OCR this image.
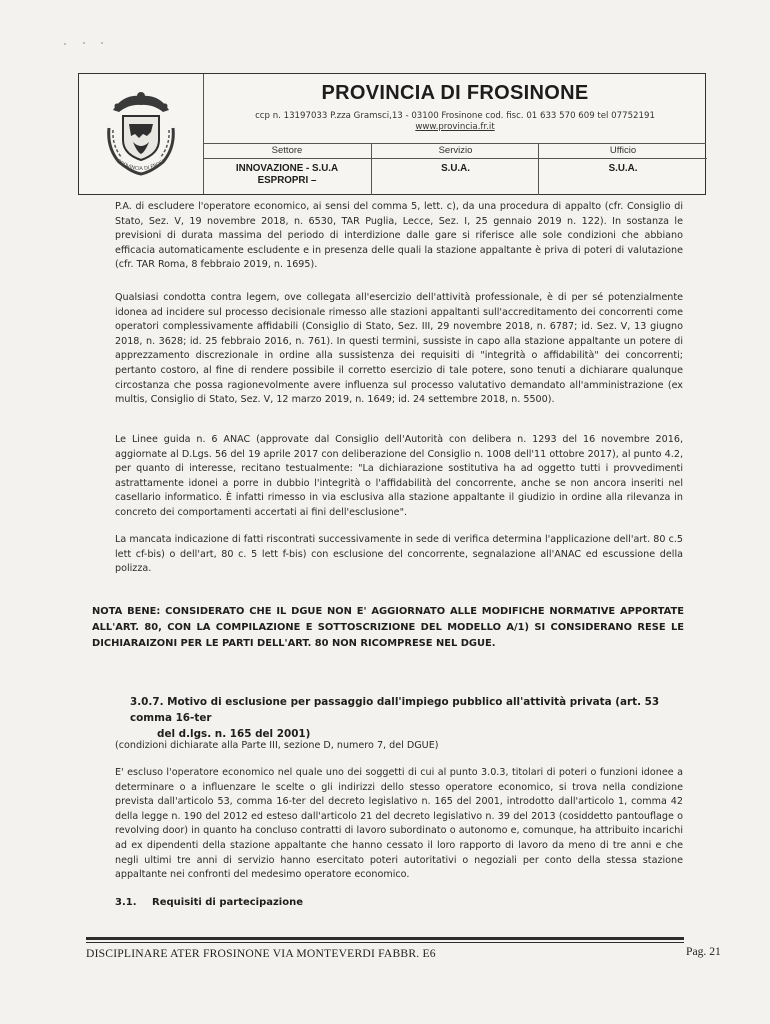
PROVINCIA DI FROSI
PROVINCIA DI FROSINONE
ccp n. 13197033 P.zza Gramsci,13 - 03100 Frosinone cod. fisc. 01 633 570 609 tel 07752191
www.provincia.fr.it
Settore
INNOVAZIONE - S.U.A
ESPROPRI –
Servizio
S.U.A.
Ufficio
S.U.A.

P.A. di escludere l'operatore economico, ai sensi del comma 5, lett. c), da una procedura di appalto (cfr. Consiglio di Stato, Sez. V, 19 novembre 2018, n. 6530, TAR Puglia, Lecce, Sez. I, 25 gennaio 2019 n. 122). In sostanza le previsioni di durata massima del periodo di interdizione dalle gare si riferisce alle sole condizioni che abbiano efficacia automaticamente escludente e in presenza delle quali la stazione appaltante è priva di poteri di valutazione (cfr. TAR Roma, 8 febbraio 2019, n. 1695).

Qualsiasi condotta contra legem, ove collegata all'esercizio dell'attività professionale, è di per sé potenzialmente idonea ad incidere sul processo decisionale rimesso alle stazioni appaltanti sull'accreditamento dei concorrenti come operatori complessivamente affidabili (Consiglio di Stato, Sez. III, 29 novembre 2018, n. 6787; id. Sez. V, 13 giugno 2018, n. 3628; id. 25 febbraio 2016, n. 761). In questi termini, sussiste in capo alla stazione appaltante un potere di apprezzamento discrezionale in ordine alla sussistenza dei requisiti di "integrità o affidabilità" dei concorrenti; pertanto costoro, al fine di rendere possibile il corretto esercizio di tale potere, sono tenuti a dichiarare qualunque circostanza che possa ragionevolmente avere influenza sul processo valutativo demandato all'amministrazione (ex multis, Consiglio di Stato, Sez. V, 12 marzo 2019, n. 1649; id. 24 settembre 2018, n. 5500).

Le Linee guida n. 6 ANAC (approvate dal Consiglio dell'Autorità con delibera n. 1293 del 16 novembre 2016, aggiornate al D.Lgs. 56 del 19 aprile 2017 con deliberazione del Consiglio n. 1008 dell'11 ottobre 2017), al punto 4.2, per quanto di interesse, recitano testualmente: "La dichiarazione sostitutiva ha ad oggetto tutti i provvedimenti astrattamente idonei a porre in dubbio l'integrità o l'affidabilità del concorrente, anche se non ancora inseriti nel casellario informatico. È infatti rimesso in via esclusiva alla stazione appaltante il giudizio in ordine alla rilevanza in concreto dei comportamenti accertati ai fini dell'esclusione".

La mancata indicazione di fatti riscontrati successivamente in sede di verifica determina l'applicazione dell'art. 80 c.5 lett cf-bis) o dell'art, 80 c. 5 lett f-bis) con esclusione del concorrente, segnalazione all'ANAC ed escussione della polizza.

NOTA BENE: CONSIDERATO CHE IL DGUE NON E' AGGIORNATO ALLE MODIFICHE NORMATIVE APPORTATE ALL'ART. 80, CON LA COMPILAZIONE E SOTTOSCRIZIONE DEL MODELLO A/1) SI CONSIDERANO RESE LE DICHIARAIZONI PER LE PARTI DELL'ART. 80 NON RICOMPRESE NEL DGUE.

3.0.7. Motivo di esclusione per passaggio dall'impiego pubblico all'attività privata (art. 53 comma 16-ter
del d.lgs. n. 165 del 2001)
(condizioni dichiarate alla Parte III, sezione D, numero 7, del DGUE)

E' escluso l'operatore economico nel quale uno dei soggetti di cui al punto 3.0.3, titolari di poteri o funzioni idonee a determinare o a influenzare le scelte o gli indirizzi dello stesso operatore economico, si trova nella condizione prevista dall'articolo 53, comma 16-ter del decreto legislativo n. 165 del 2001, introdotto dall'articolo 1, comma 42 della legge n. 190 del 2012 ed esteso dall'articolo 21 del decreto legislativo n. 39 del 2013 (cosiddetto pantouflage o revolving door) in quanto ha concluso contratti di lavoro subordinato o autonomo e, comunque, ha attribuito incarichi ad ex dipendenti della stazione appaltante che hanno cessato il loro rapporto di lavoro da meno di tre anni e che negli ultimi tre anni di servizio hanno esercitato poteri autoritativi o negoziali per conto della stessa stazione appaltante nei confronti del medesimo operatore economico.

3.1. Requisiti di partecipazione
DISCIPLINARE ATER FROSINONE VIA MONTEVERDI FABBR. E6	Pag. 21
